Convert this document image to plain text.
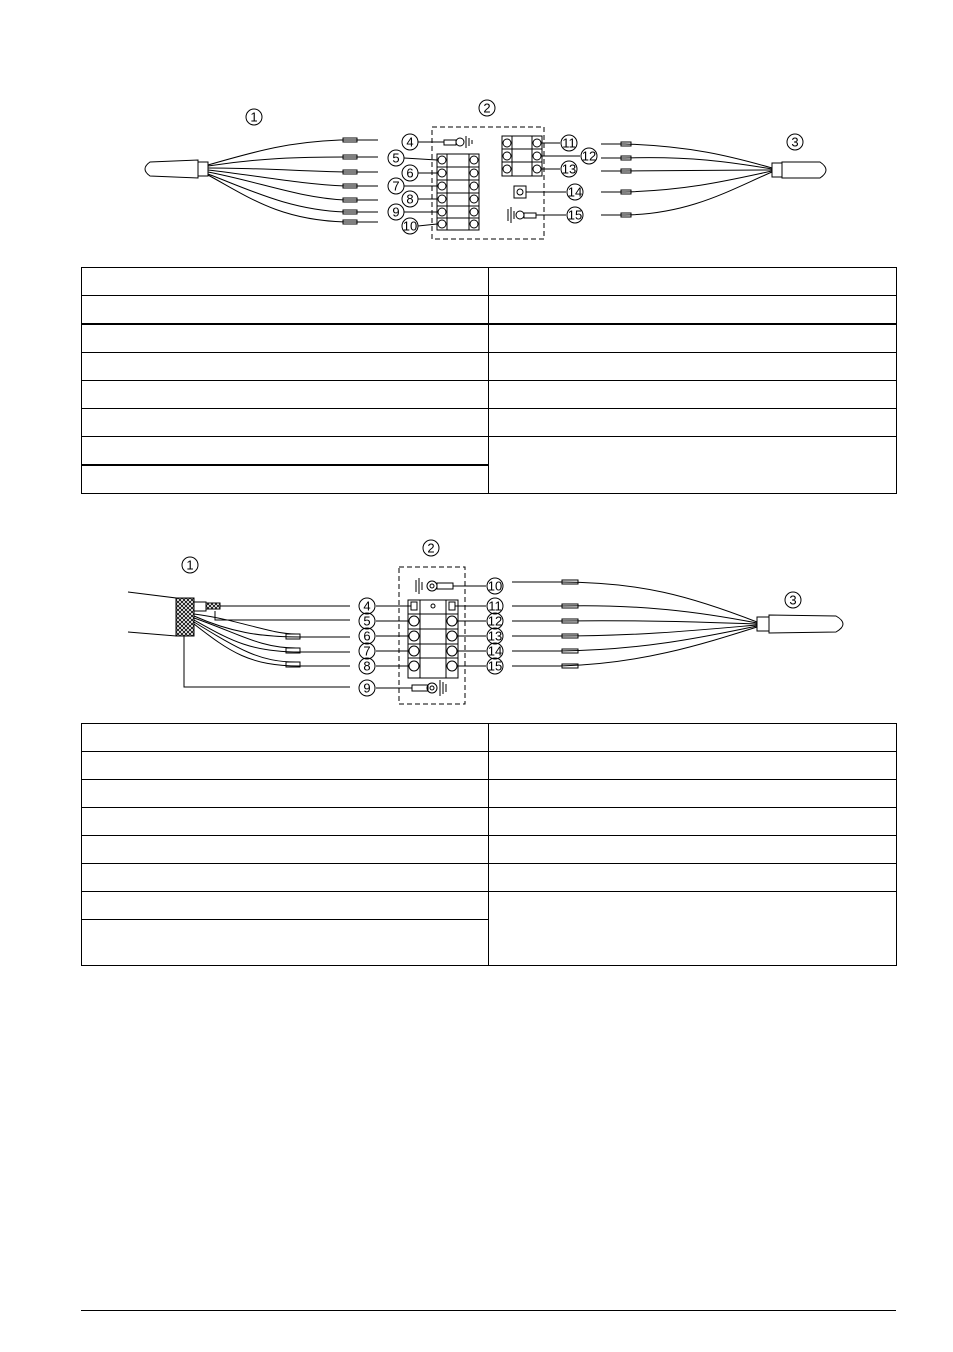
1
2
3
4
5
6
7
8
9
10
11
12
13
14
15

1
2
3
4
5
6
7
8
9
10
11
12
13
14
15
